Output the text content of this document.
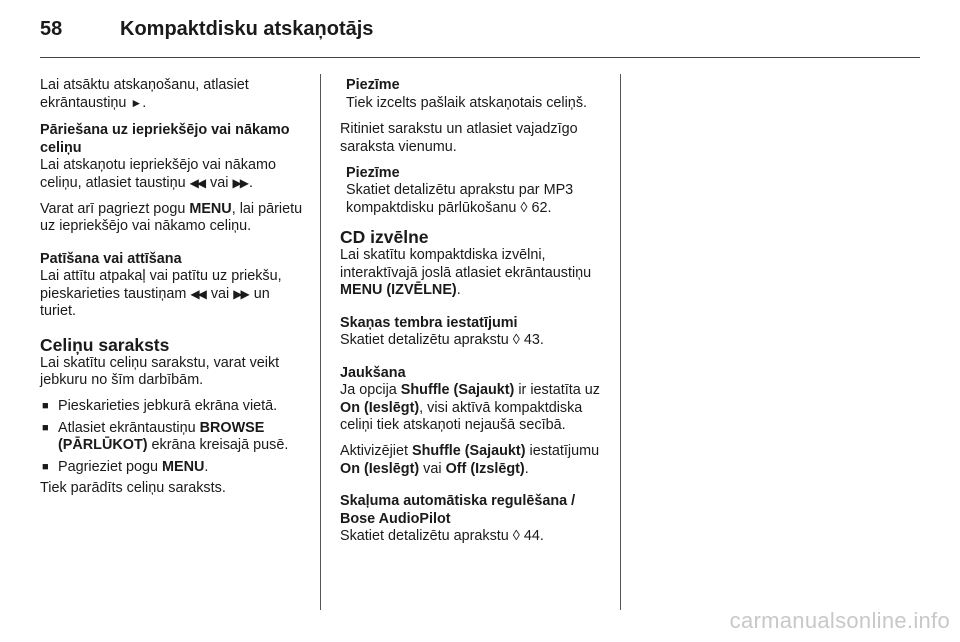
58	Kompaktdisku atskaņotājs

Lai atsāktu atskaņošanu, atlasiet ekrāntaustiņu ►.

Pāriešana uz iepriekšējo vai nākamo celiņu

Lai atskaņotu iepriekšējo vai nākamo celiņu, atlasiet taustiņu ◀◀ vai ▶▶ .

Varat arī pagriezt pogu MENU, lai pārietu uz iepriekšējo vai nākamo celiņu.

Patīšana vai attīšana

Lai attītu atpakaļ vai patītu uz priekšu, pieskarieties taustiņam ◀◀ vai ▶▶ un turiet.

Celiņu saraksts

Lai skatītu celiņu sarakstu, varat veikt jebkuru no šīm darbībām.

■ Pieskarieties jebkurā ekrāna vietā.
■ Atlasiet ekrāntaustiņu BROWSE (PĀRLŪKOT) ekrāna kreisajā pusē.
■ Pagrieziet pogu MENU.

Tiek parādīts celiņu saraksts.

Piezīme
Tiek izcelts pašlaik atskaņotais celiņš.

Ritiniet sarakstu un atlasiet vajadzīgo saraksta vienumu.

Piezīme
Skatiet detalizētu aprakstu par MP3 kompaktdisku pārlūkošanu ◊ 62.

CD izvēlne

Lai skatītu kompaktdiska izvēlni, interaktīvajā joslā atlasiet ekrāntaustiņu MENU (IZVĒLNE).

Skaņas tembra iestatījumi

Skatiet detalizētu aprakstu ◊ 43.

Jaukšana

Ja opcija Shuffle (Sajaukt) ir iestatīta uz On (Ieslēgt), visi aktīvā kompaktdiska celiņi tiek atskaņoti nejaušā secībā.

Aktivizējiet Shuffle (Sajaukt) iestatījumu On (Ieslēgt) vai Off (Izslēgt).

Skaļuma automātiska regulēšana / Bose AudioPilot

Skatiet detalizētu aprakstu ◊ 44.

carmanualsonline.info
